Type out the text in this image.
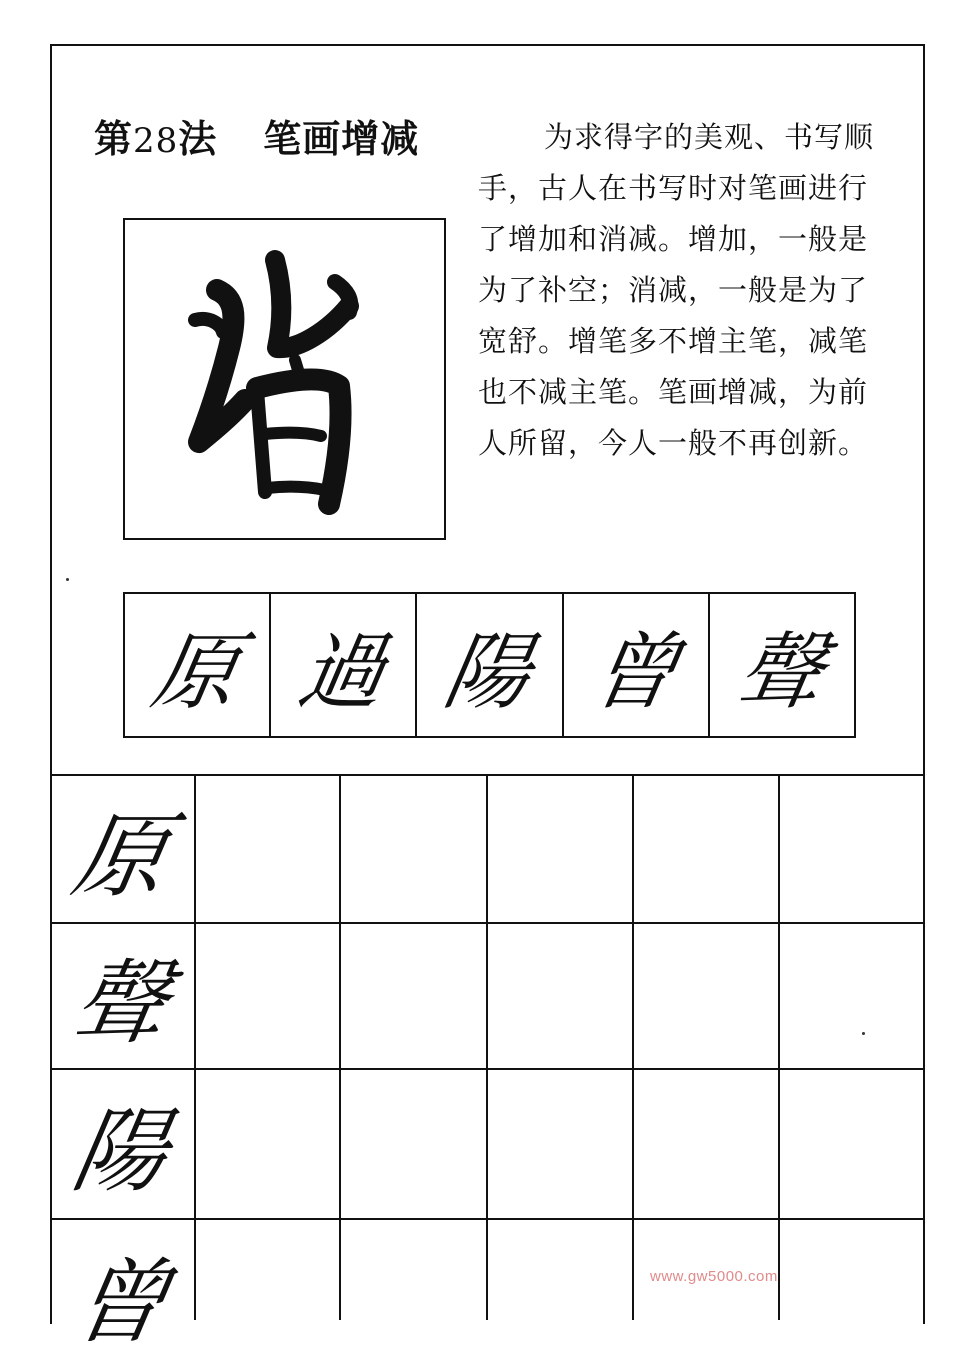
第28法 笔画增减	为求得字的美观、书写顺手，古人在书写时对笔画进行了增加和消减。增加，一般是为了补空；消减，一般是为了宽舒。增笔多不增主笔，减笔也不减主笔。笔画增减，为前人所留，今人一般不再创新。
皆
原 過 陽 曾 聲
原
聲
陽
曾	www.gw5000.com
